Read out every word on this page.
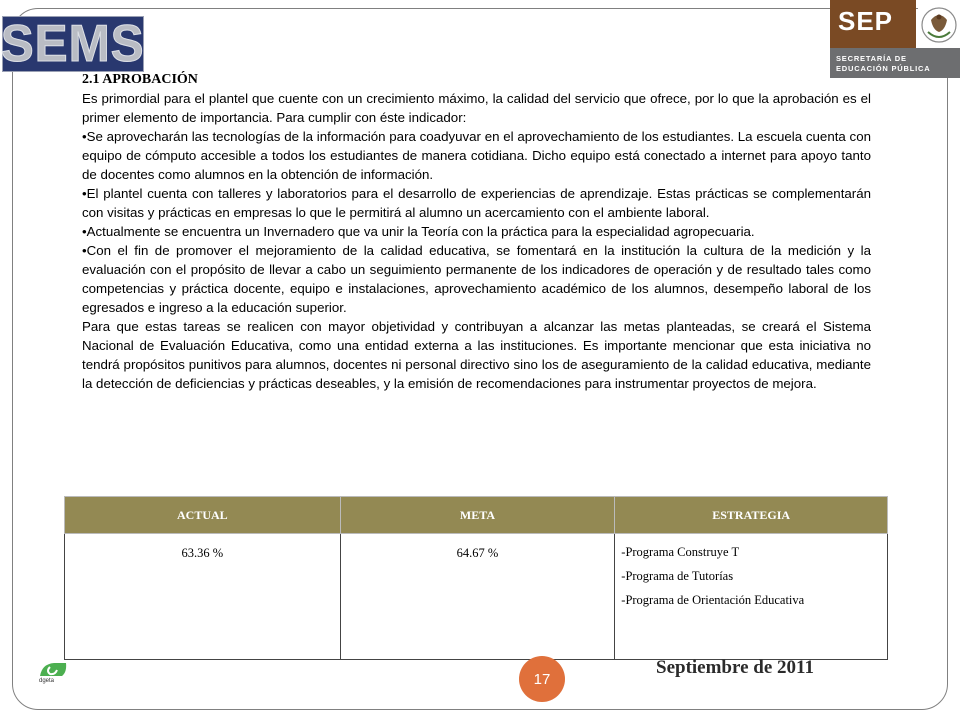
SEMS	SEP
SECRETARÍA DE
EDUCACIÓN PÚBLICA
2.1 APROBACIÓN

Es primordial para el plantel que cuente con un crecimiento máximo, la calidad del servicio que ofrece, por lo que la aprobación es el primer elemento de importancia. Para cumplir con éste indicador:

•Se aprovecharán las tecnologías de la información para coadyuvar en el aprovechamiento de los estudiantes. La escuela cuenta con equipo de cómputo accesible a todos los estudiantes de manera cotidiana. Dicho equipo está conectado a internet para apoyo tanto de docentes como alumnos en la obtención de información.

•El plantel cuenta con talleres y laboratorios para el desarrollo de experiencias de aprendizaje. Estas prácticas se complementarán con visitas y prácticas en empresas lo que le permitirá al alumno un acercamiento con el ambiente laboral.

•Actualmente se encuentra un Invernadero que va unir la Teoría con la práctica para la especialidad agropecuaria.

•Con el fin de promover el mejoramiento de la calidad educativa, se fomentará en la institución la cultura de la medición y la evaluación con el propósito de llevar a cabo un seguimiento permanente de los indicadores de operación y de resultado tales como competencias y práctica docente, equipo e instalaciones, aprovechamiento académico de los alumnos, desempeño laboral de los egresados e ingreso a la educación superior.

Para que estas tareas se realicen con mayor objetividad y contribuyan a alcanzar las metas planteadas, se creará el Sistema Nacional de Evaluación Educativa, como una entidad externa a las instituciones. Es importante mencionar que esta iniciativa no tendrá propósitos punitivos para alumnos, docentes ni personal directivo sino los de aseguramiento de la calidad educativa, mediante la detección de deficiencias y prácticas deseables, y la emisión de recomendaciones para instrumentar proyectos de mejora.

ACTUAL	META	ESTRATEGIA
63.36 %	64.67 %	-Programa Construye T
-Programa de Tutorías
-Programa de Orientación Educativa
dgeta	17
Septiembre de 2011
